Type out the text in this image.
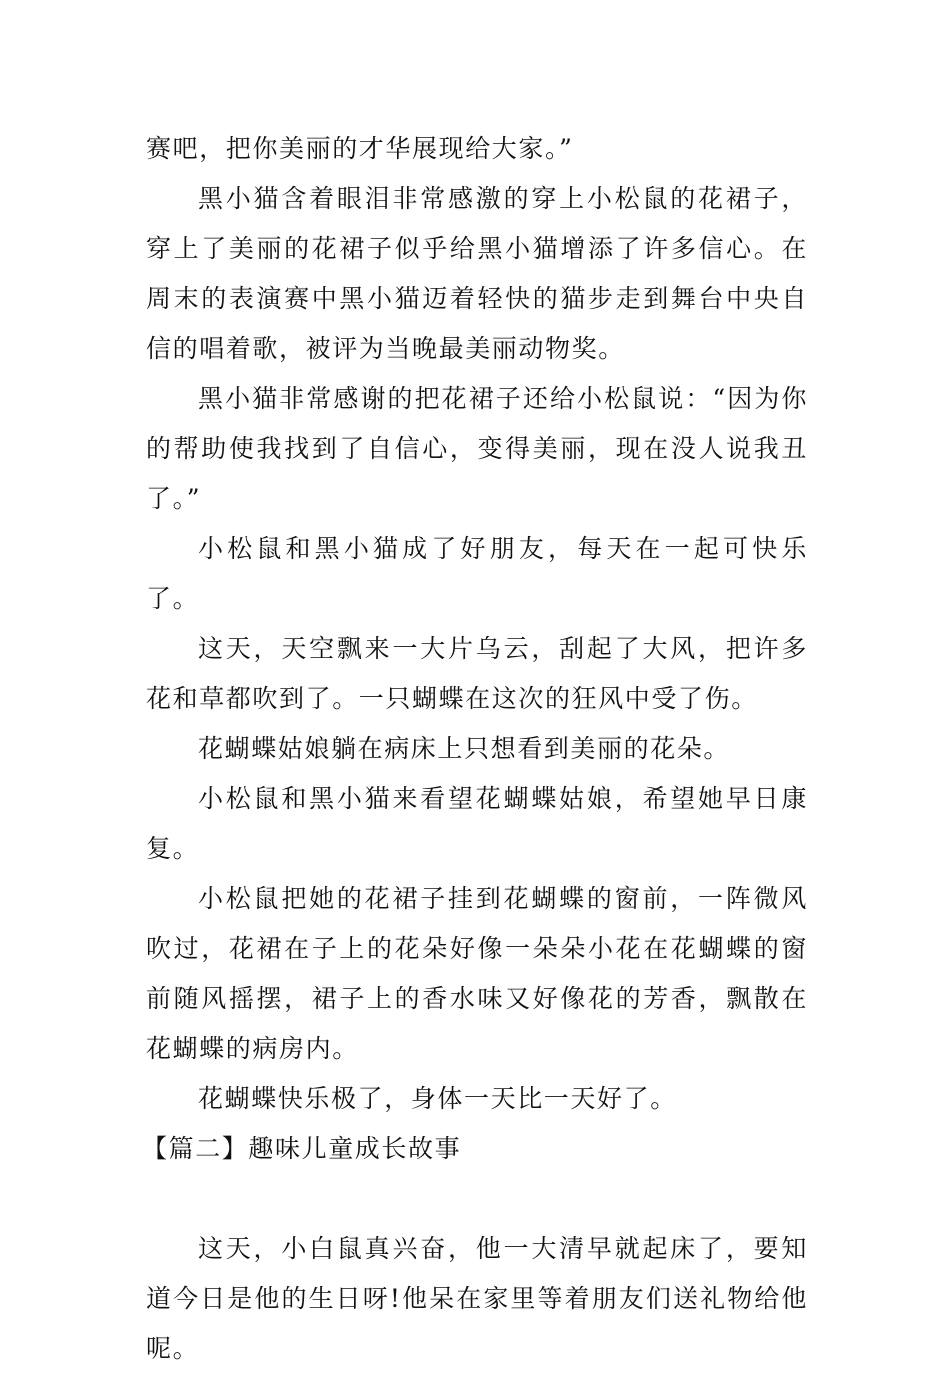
赛吧，把你美丽的才华展现给大家。”

黑小猫含着眼泪非常感激的穿上小松鼠的花裙子，穿上了美丽的花裙子似乎给黑小猫增添了许多信心。在周末的表演赛中黑小猫迈着轻快的猫步走到舞台中央自信的唱着歌，被评为当晚最美丽动物奖。

黑小猫非常感谢的把花裙子还给小松鼠说：“因为你的帮助使我找到了自信心，变得美丽，现在没人说我丑了。”

小松鼠和黑小猫成了好朋友，每天在一起可快乐了。

这天，天空飘来一大片乌云，刮起了大风，把许多花和草都吹到了。一只蝴蝶在这次的狂风中受了伤。

花蝴蝶姑娘躺在病床上只想看到美丽的花朵。

小松鼠和黑小猫来看望花蝴蝶姑娘，希望她早日康复。

小松鼠把她的花裙子挂到花蝴蝶的窗前，一阵微风吹过，花裙在子上的花朵好像一朵朵小花在花蝴蝶的窗前随风摇摆，裙子上的香水味又好像花的芳香，飘散在花蝴蝶的病房内。

花蝴蝶快乐极了，身体一天比一天好了。

【篇二】趣味儿童成长故事

这天，小白鼠真兴奋，他一大清早就起床了，要知道今日是他的生日呀!他呆在家里等着朋友们送礼物给他呢。
